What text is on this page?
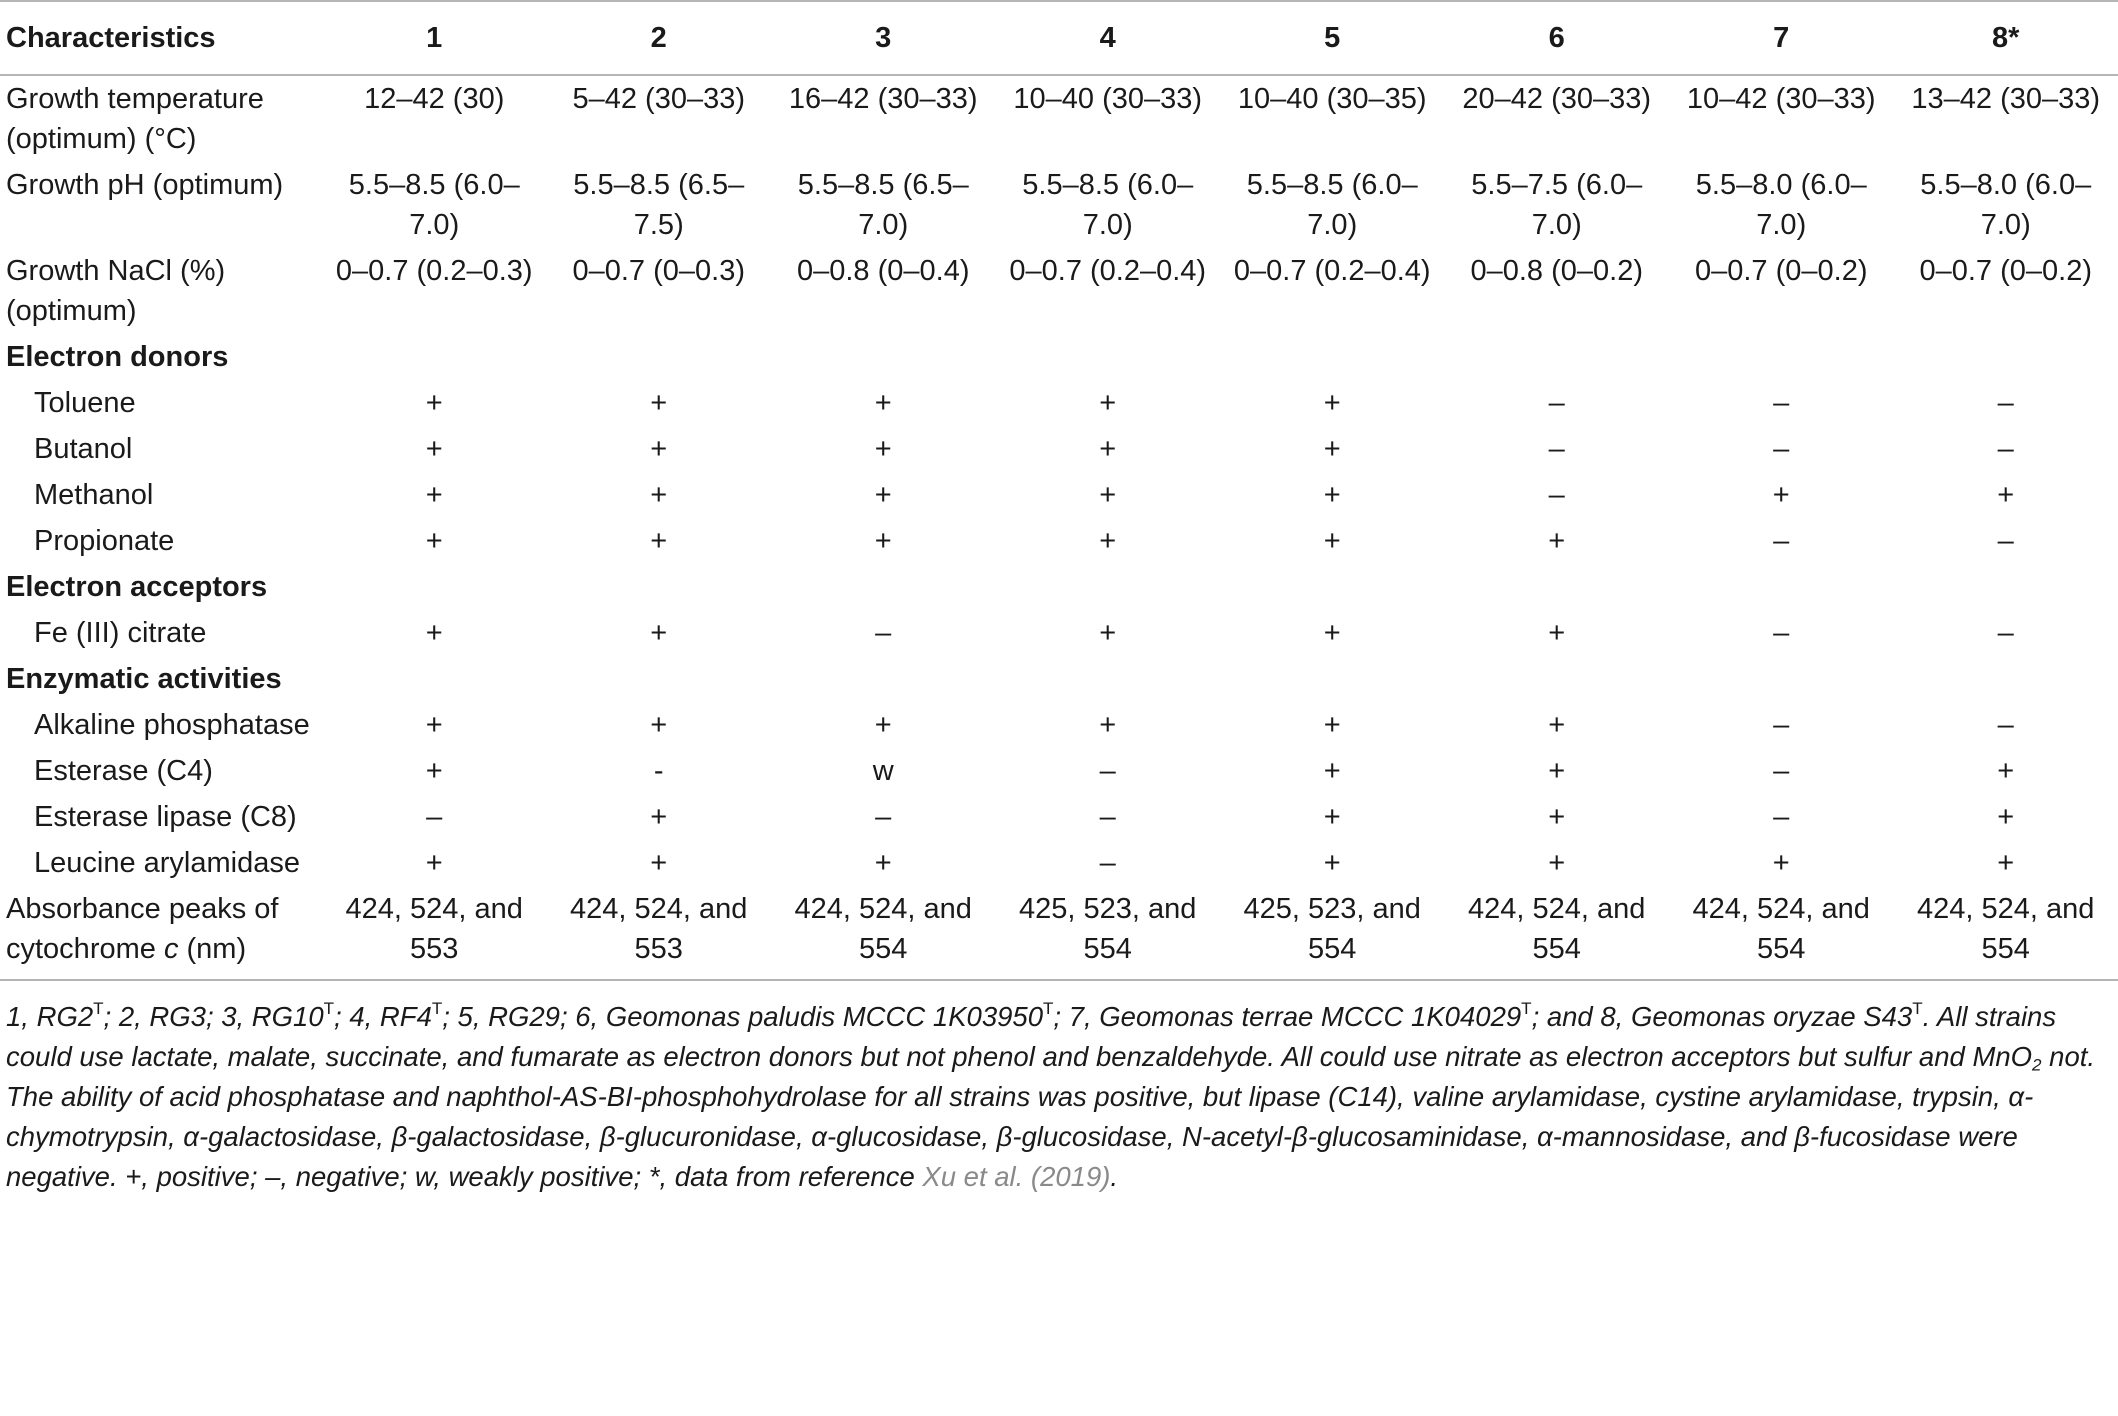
Characteristics	1	2	3	4	5	6	7	8*
Growth temperature (optimum) (°C)	12–42 (30)	5–42 (30–33)	16–42 (30–33)	10–40 (30–33)	10–40 (30–35)	20–42 (30–33)	10–42 (30–33)	13–42 (30–33)
Growth pH (optimum)	5.5–8.5 (6.0–7.0)	5.5–8.5 (6.5–7.5)	5.5–8.5 (6.5–7.0)	5.5–8.5 (6.0–7.0)	5.5–8.5 (6.0–7.0)	5.5–7.5 (6.0–7.0)	5.5–8.0 (6.0–7.0)	5.5–8.0 (6.0–7.0)
Growth NaCl (%) (optimum)	0–0.7 (0.2–0.3)	0–0.7 (0–0.3)	0–0.8 (0–0.4)	0–0.7 (0.2–0.4)	0–0.7 (0.2–0.4)	0–0.8 (0–0.2)	0–0.7 (0–0.2)	0–0.7 (0–0.2)
Electron donors								
Toluene	+	+	+	+	+	–	–	–
Butanol	+	+	+	+	+	–	–	–
Methanol	+	+	+	+	+	–	+	+
Propionate	+	+	+	+	+	+	–	–
Electron acceptors								
Fe (III) citrate	+	+	–	+	+	+	–	–
Enzymatic activities								
Alkaline phosphatase	+	+	+	+	+	+	–	–
Esterase (C4)	+	-	w	–	+	+	–	+
Esterase lipase (C8)	–	+	–	–	+	+	–	+
Leucine arylamidase	+	+	+	–	+	+	+	+
Absorbance peaks of cytochrome c (nm)	424, 524, and 553	424, 524, and 553	424, 524, and 554	425, 523, and 554	425, 523, and 554	424, 524, and 554	424, 524, and 554	424, 524, and 554
1, $RG2^T$; 2, RG3; 3, $RG10^T$; 4, $RF4^T$; 5, RG29; 6, Geomonas paludis MCCC $1K03950^T$; 7, Geomonas terrae MCCC $1K04029^T$; and 8, Geomonas oryzae $S43^T$. All strains could use lactate, malate, succinate, and fumarate as electron donors but not phenol and benzaldehyde. All could use nitrate as electron acceptors but sulfur and MnO$_2$ not. The ability of acid phosphatase and naphthol-AS-BI-phosphohydrolase for all strains was positive, but lipase (C14), valine arylamidase, cystine arylamidase, trypsin, α-chymotrypsin, α-galactosidase, β-galactosidase, β-glucuronidase, α-glucosidase, β-glucosidase, N-acetyl-β-glucosaminidase, α-mannosidase, and β-fucosidase were negative. +, positive; –, negative; w, weakly positive; *, data from reference Xu et al. (2019).
